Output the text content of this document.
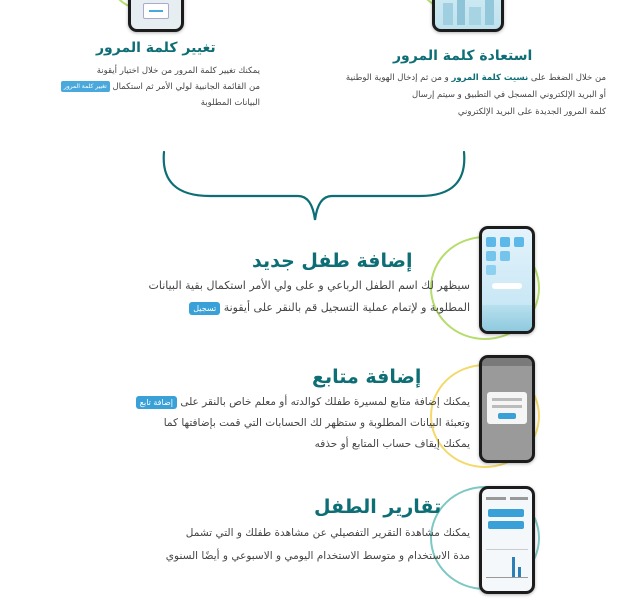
تغيير كلمة المرور
يمكنك تغيير كلمة المرور من خلال اختيار أيقونة
من القائمة الجانبية لولي الأمر ثم استكمال تغيير كلمة المرور
البيانات المطلوبة
استعادة كلمة المرور
من خلال الضغط على نسيت كلمة المرور و من ثم إدخال الهوية الوطنية
أو البريد الإلكتروني المسجل في التطبيق و سيتم إرسال
كلمة المرور الجديدة على البريد الإلكتروني
إضافة طفل جديد
سيظهر لك اسم الطفل الرباعي و على ولي الأمر استكمال بقية البيانات
المطلوبة و لإتمام عملية التسجيل قم بالنقر على أيقونة تسجيل
إضافة متابع
يمكنك إضافة متابع لمسيرة طفلك كوالدته أو معلم خاص بالنقر على إضافة تابع
وتعبئة البيانات المطلوبة و ستظهر لك الحسابات التي قمت بإضافتها كما
يمكنك إيقاف حساب المتابع أو حذفه
تقارير الطفل
يمكنك مشاهدة التقرير التفصيلي عن مشاهدة طفلك و التي تشمل
مدة الاستخدام و متوسط الاستخدام اليومي و الاسبوعي و أيضًا السنوي
